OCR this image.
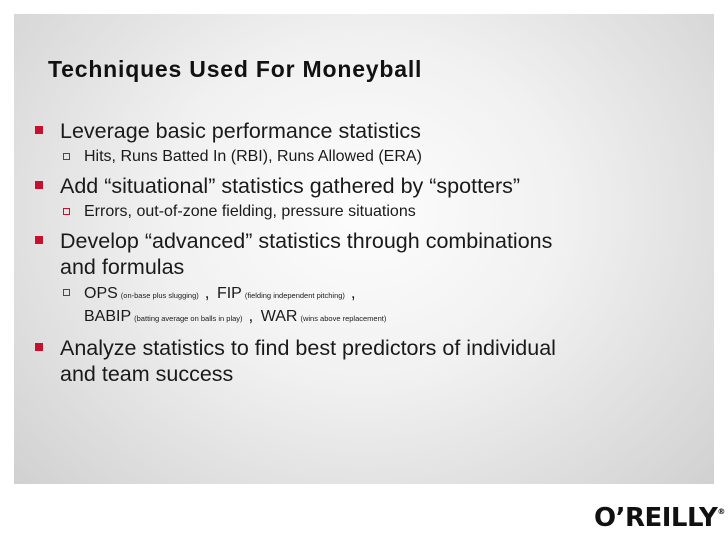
Techniques Used For Moneyball
Leverage basic performance statistics
Hits, Runs Batted In (RBI), Runs Allowed (ERA)
Add “situational” statistics gathered by “spotters”
Errors, out-of-zone fielding, pressure situations
Develop “advanced” statistics through combinations
and formulas
OPS (on-base plus slugging) , FIP (fielding independent pitching) ,
BABIP (batting average on balls in play) , WAR (wins above replacement)
Analyze statistics to find best predictors of individual
and team success
O’REILLY®
